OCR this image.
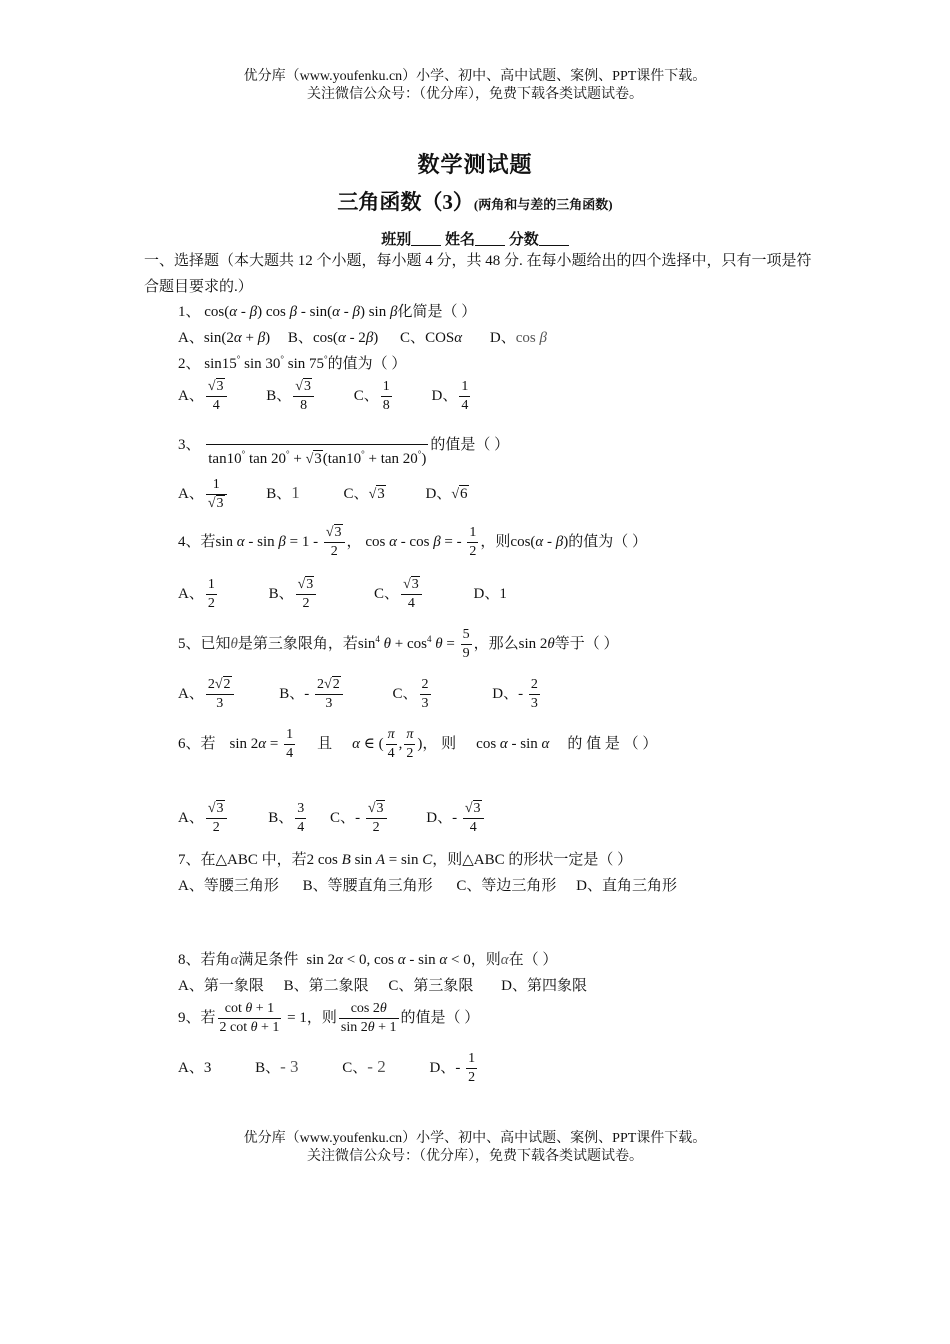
优分库（www.youfenku.cn）小学、初中、高中试题、案例、PPT课件下载。
关注微信公众号：（优分库），免费下载各类试题试卷。
数学测试题
三角函数（3）(两角和与差的三角函数)
班别 姓名 分数
一、选择题（本大题共 12 个小题，每小题 4 分，共 48 分. 在每小题给出的四个选择中，只有一项是符合题目要求的.）
1、 cos(α - β) cos β - sin(α - β) sin β化简是（ ）
A、sin(2α + β) B、cos(α - 2β) C、COSα D、cos β
2、 sin15° sin 30° sin 75°的值为（ ）
A、 $\frac{√3}{4}$	B、 $\frac{√3}{8}$	C、 $\frac{1}{8}$	D、 $\frac{1}{4}$
3、

tan10° tan 20° + √3(tan10° + tan 20°)
的值是（ ）
A、 $\frac{1}{√3}$	B、1	C、√3	D、√6
4、若$\sin \alpha - \sin \beta = 1 - \frac{√3}{2}$ ， cos α - cos β = - $\frac{1}{2}$ ，则cos(α - β)的值为（ ）
A、 $\frac{1}{2}$	B、 $\frac{√3}{2}$	C、 $\frac{√3}{4}$	D、1
5、已知θ是第三象限角，若$\sin^4 \theta + \cos^4 \theta = \frac{5}{9}$ ，那么sin 2θ等于（ ）
A、 $\frac{2√2}{3}$	B、- $\frac{2√2}{3}$	C、 $\frac{2}{3}$	D、- $\frac{2}{3}$
6、若 $\sin 2\alpha = \frac{1}{4}$ 且 α ∈ ( $\frac{\pi}{4}$ , $\frac{\pi}{2}$ )， 则 cos α - sin α 的 值 是 （ ）
A、 $\frac{√3}{2}$	B、 $\frac{3}{4}$ C、- $\frac{√3}{2}$	D、- $\frac{√3}{4}$
7、在△ABC 中，若2 cos B sin A = sin C，则△ABC 的形状一定是（ ）
A、等腰三角形 B、等腰直角三角形 C、等边三角形 D、直角三角形
8、若角α满足条件 sin 2α < 0, cos α - sin α < 0，则α在（ ）
A、第一象限 B、第二象限 C、第三象限 D、第四象限
9、若 $\frac{\text{cot θ + 1}}{\text{2 cot θ + 1}} = 1$，则 $\frac{\cos 2\theta}{\sin 2\theta + 1}$ 的值是（ ）
A、3	B、- 3	C、- 2	D、- $\frac{1}{2}$
优分库（www.youfenku.cn）小学、初中、高中试题、案例、PPT课件下载。
关注微信公众号：（优分库），免费下载各类试题试卷。
